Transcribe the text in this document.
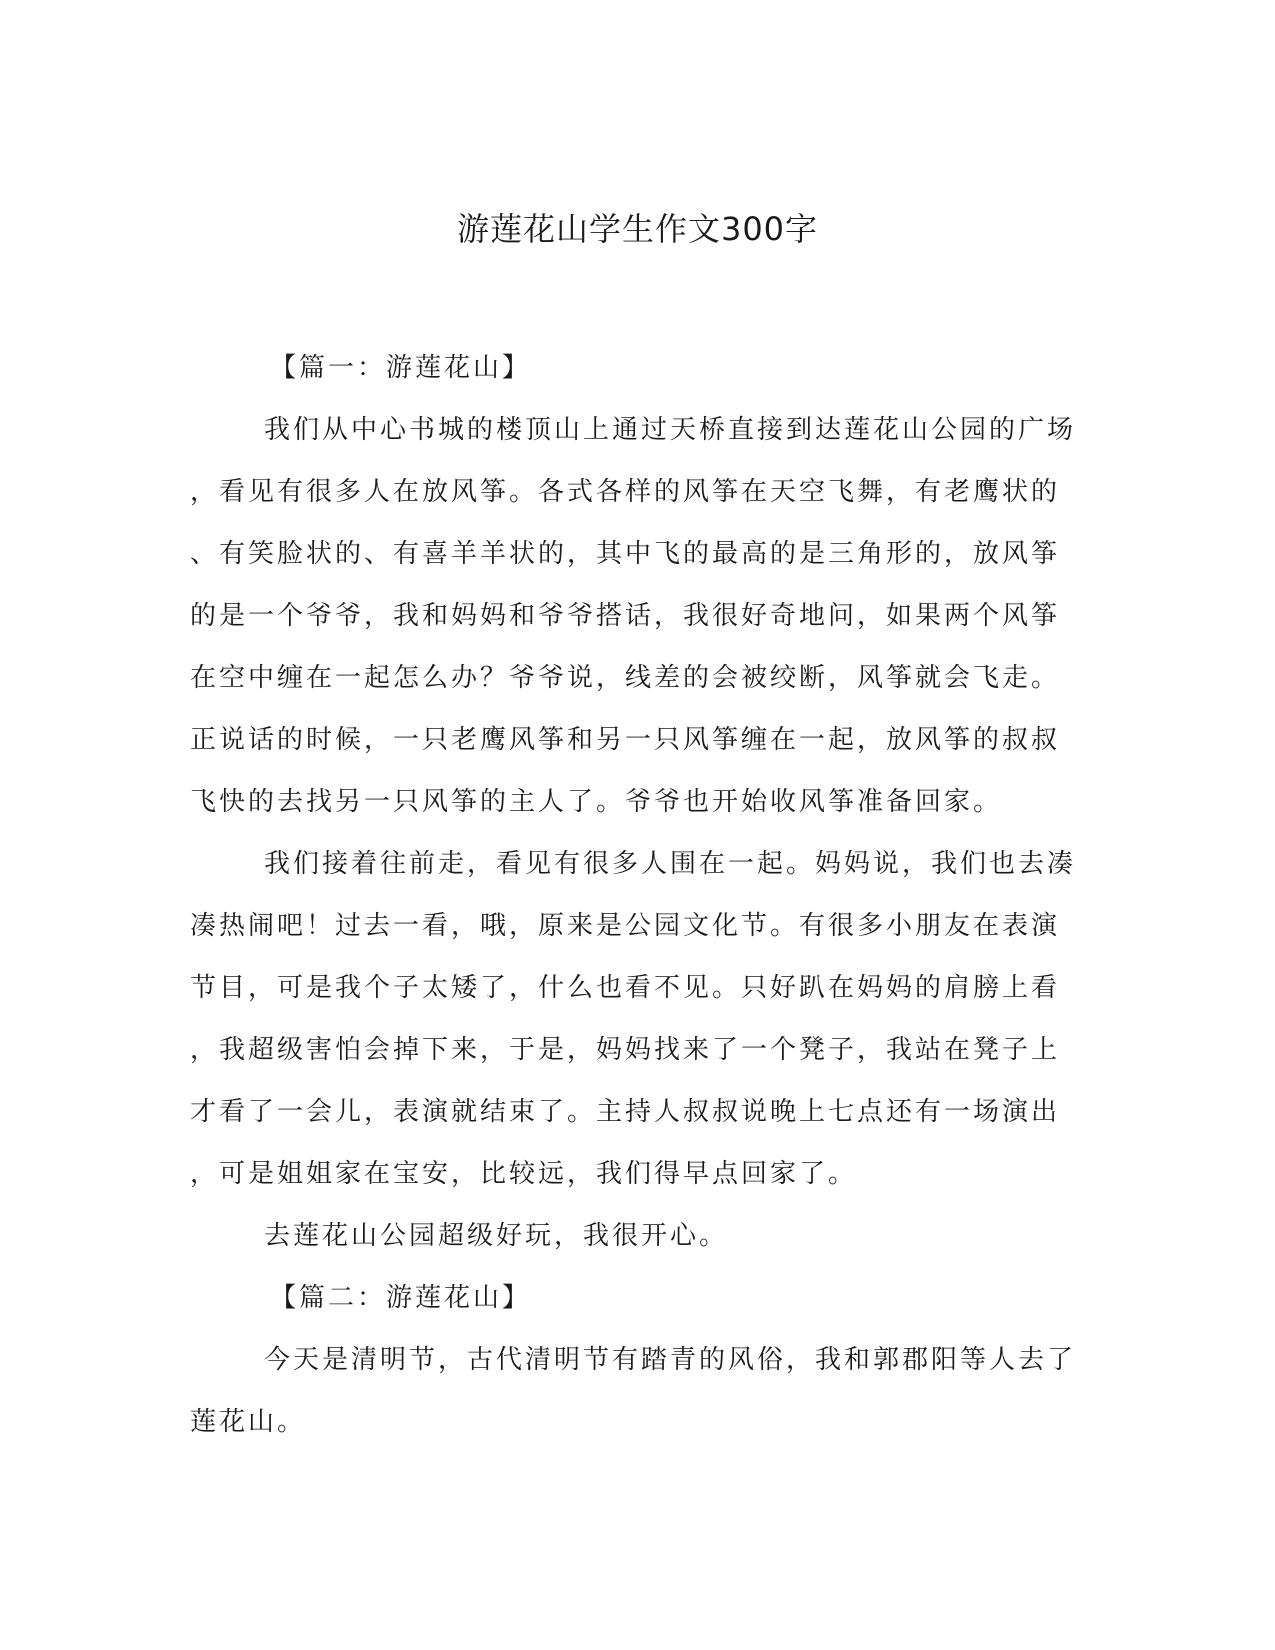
游莲花山学生作文300字
【篇一：游莲花山】
我们从中心书城的楼顶山上通过天桥直接到达莲花山公园的广场
，看见有很多人在放风筝。各式各样的风筝在天空飞舞，有老鹰状的
、有笑脸状的、有喜羊羊状的，其中飞的最高的是三角形的，放风筝
的是一个爷爷，我和妈妈和爷爷搭话，我很好奇地问，如果两个风筝
在空中缠在一起怎么办？爷爷说，线差的会被绞断，风筝就会飞走。
正说话的时候，一只老鹰风筝和另一只风筝缠在一起，放风筝的叔叔
飞快的去找另一只风筝的主人了。爷爷也开始收风筝准备回家。
我们接着往前走，看见有很多人围在一起。妈妈说，我们也去凑
凑热闹吧！过去一看，哦，原来是公园文化节。有很多小朋友在表演
节目，可是我个子太矮了，什么也看不见。只好趴在妈妈的肩膀上看
，我超级害怕会掉下来，于是，妈妈找来了一个凳子，我站在凳子上
才看了一会儿，表演就结束了。主持人叔叔说晚上七点还有一场演出
，可是姐姐家在宝安，比较远，我们得早点回家了。
去莲花山公园超级好玩，我很开心。
【篇二：游莲花山】
今天是清明节，古代清明节有踏青的风俗，我和郭郡阳等人去了
莲花山。
